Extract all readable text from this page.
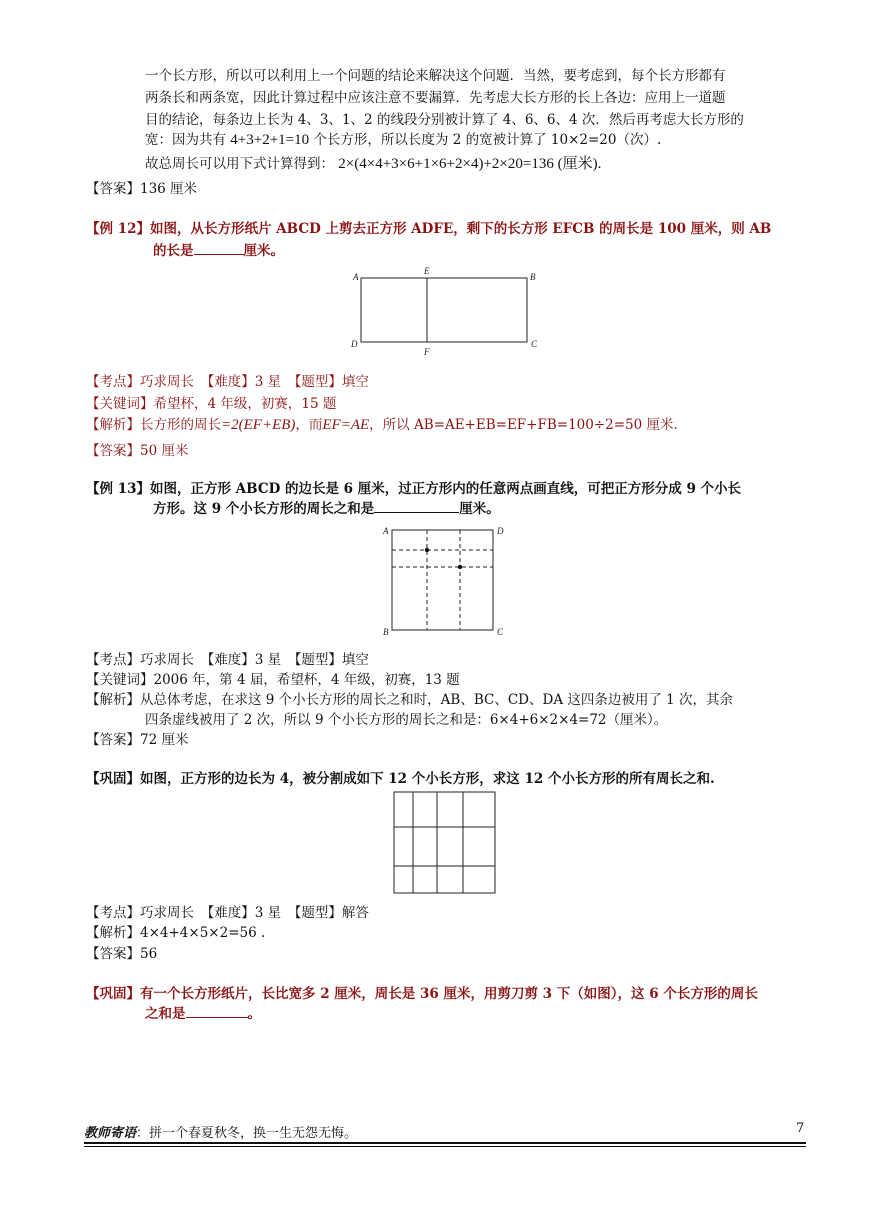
一个长方形，所以可以利用上一个问题的结论来解决这个问题．当然，要考虑到，每个长方形都有
两条长和两条宽，因此计算过程中应该注意不要漏算．先考虑大长方形的长上各边：应用上一道题
目的结论，每条边上长为 4、3、1、2 的线段分别被计算了 4、6、6、4 次．然后再考虑大长方形的
宽：因为共有 4+3+2+1=10 个长方形，所以长度为 2 的宽被计算了 10×2=20（次）.
故总周长可以用下式计算得到： 2×(4×4+3×6+1×6+2×4)+2×20=136 (厘米).
【答案】136 厘米
【例 12】如图，从长方形纸片 ABCD 上剪去正方形 ADFE，剩下的长方形 EFCB 的周长是 100 厘米，则 AB
的长是	厘米。
A
E
B
D
F
C
【考点】巧求周长　【难度】3 星　【题型】填空
【关键词】希望杯，4 年级，初赛，15 题
【解析】长方形的周长=2(EF+EB)，而EF=AE，所以 AB=AE+EB=EF+FB=100÷2=50 厘米.
【答案】50 厘米
【例 13】如图，正方形 ABCD 的边长是 6 厘米，过正方形内的任意两点画直线，可把正方形分成 9 个小长
方形。这 9 个小长方形的周长之和是	厘米。
A	D
B	C
【考点】巧求周长　【难度】3 星　【题型】填空
【关键词】2006 年，第 4 届，希望杯，4 年级，初赛，13 题
【解析】从总体考虑，在求这 9 个小长方形的周长之和时，AB、BC、CD、DA 这四条边被用了 1 次，其余
四条虚线被用了 2 次，所以 9 个小长方形的周长之和是：6×4+6×2×4=72（厘米）。
【答案】72 厘米
【巩固】如图，正方形的边长为 4，被分割成如下 12 个小长方形，求这 12 个小长方形的所有周长之和.
【考点】巧求周长　【难度】3 星　【题型】解答
【解析】4×4+4×5×2=56 .
【答案】56
【巩固】有一个长方形纸片，长比宽多 2 厘米，周长是 36 厘米，用剪刀剪 3 下（如图），这 6 个长方形的周长
之和是	。
教师寄语：拼一个春夏秋冬，换一生无怨无悔。	7
